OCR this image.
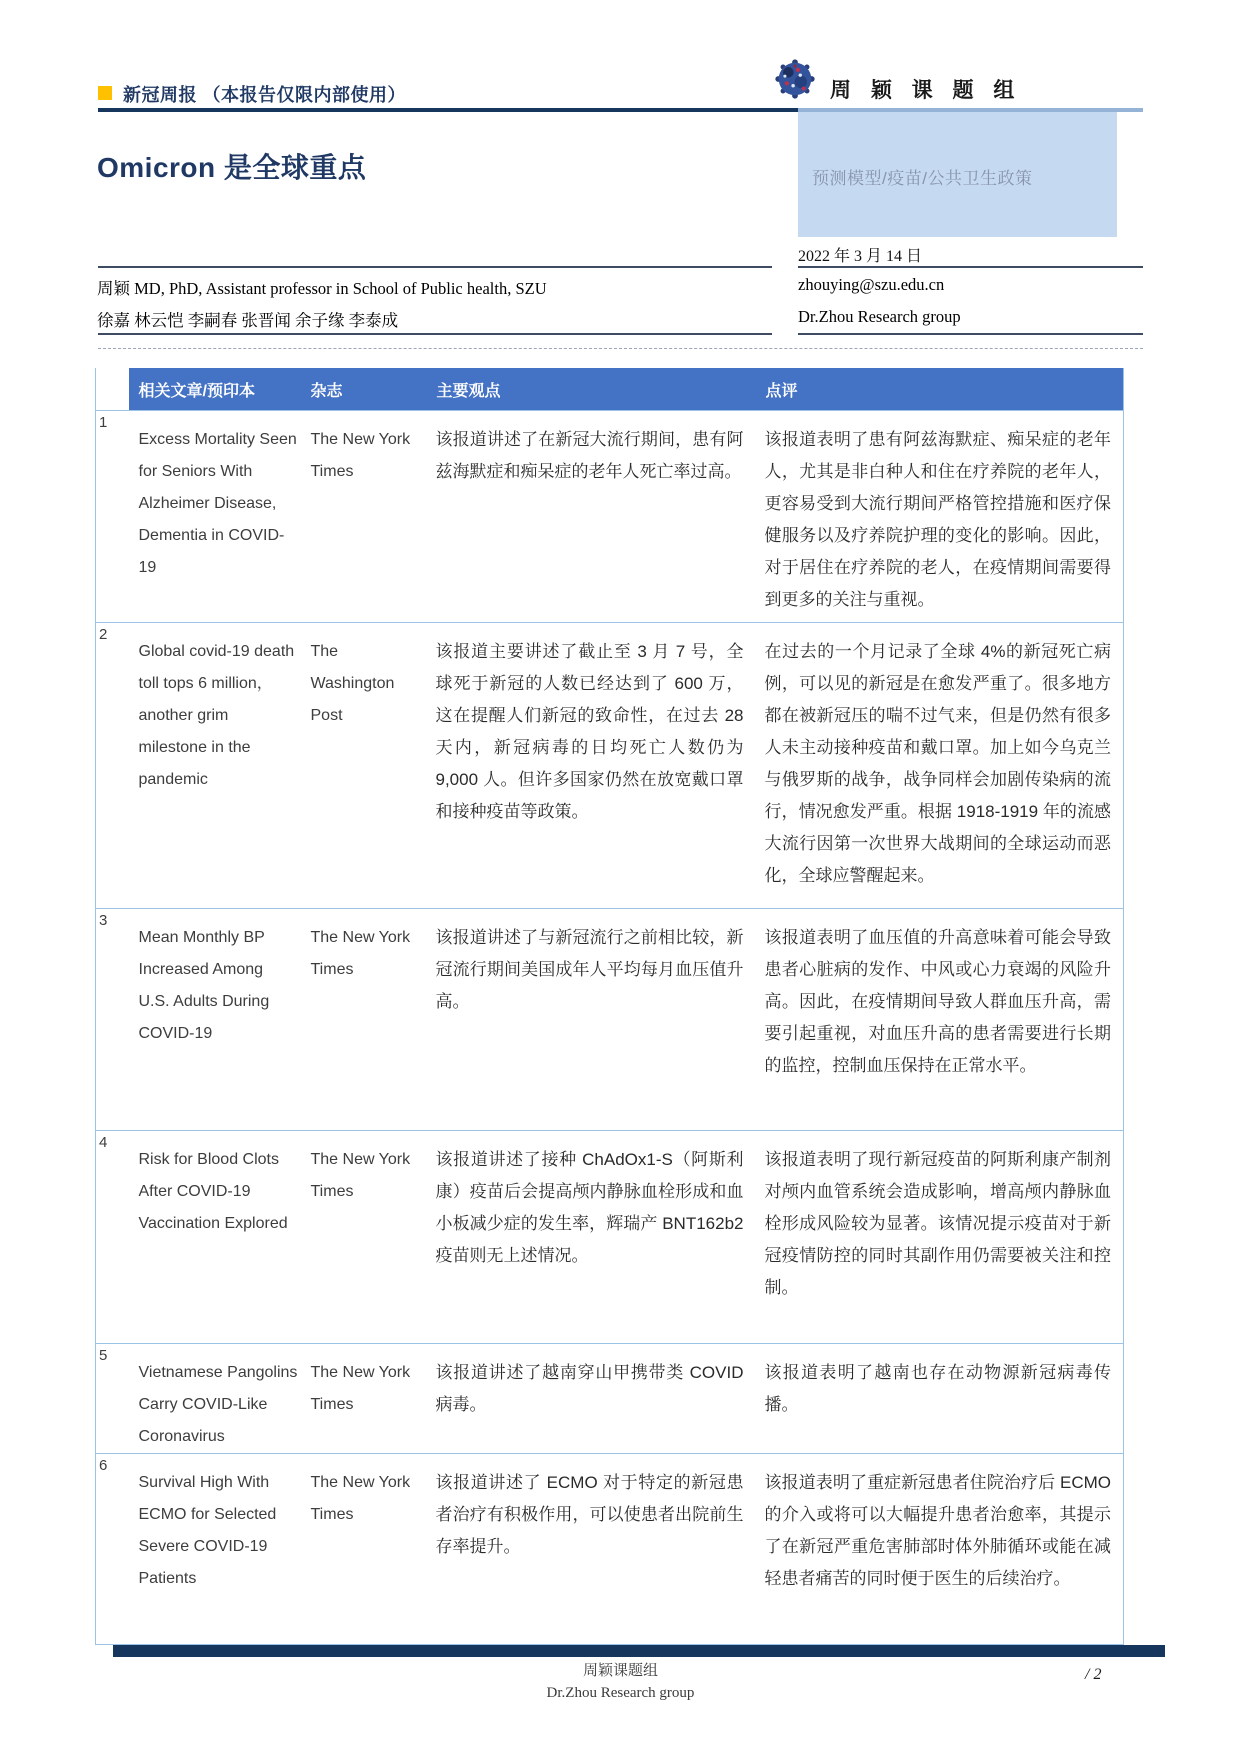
新冠周报 （本报告仅限内部使用）	周 颖 课 题 组
预测模型/疫苗/公共卫生政策
Omicron 是全球重点
2022 年 3 月 14 日
周颖 MD, PhD, Assistant professor in School of Public health, SZU
徐嘉 林云恺 李嗣春 张晋闻 余子缘 李泰成
zhouying@szu.edu.cn
Dr.Zhou Research group
	相关文章/预印本	杂志	主要观点	点评
1	Excess Mortality Seen for Seniors With Alzheimer Disease, Dementia in COVID-19	The New York Times	该报道讲述了在新冠大流行期间，患有阿兹海默症和痴呆症的老年人死亡率过高。	该报道表明了患有阿兹海默症、痴呆症的老年人，尤其是非白种人和住在疗养院的老年人，更容易受到大流行期间严格管控措施和医疗保健服务以及疗养院护理的变化的影响。因此，对于居住在疗养院的老人，在疫情期间需要得到更多的关注与重视。
2	Global covid-19 death toll tops 6 million，another grim milestone in the pandemic	The Washington Post	该报道主要讲述了截止至 3 月 7 号，全球死于新冠的人数已经达到了 600 万，这在提醒人们新冠的致命性，在过去 28 天内，新冠病毒的日均死亡人数仍为 9,000 人。但许多国家仍然在放宽戴口罩和接种疫苗等政策。	在过去的一个月记录了全球 4%的新冠死亡病例，可以见的新冠是在愈发严重了。很多地方都在被新冠压的喘不过气来，但是仍然有很多人未主动接种疫苗和戴口罩。加上如今乌克兰与俄罗斯的战争，战争同样会加剧传染病的流行，情况愈发严重。根据 1918-1919 年的流感大流行因第一次世界大战期间的全球运动而恶化，全球应警醒起来。
3	Mean Monthly BP Increased Among U.S. Adults During COVID-19	The New York Times	该报道讲述了与新冠流行之前相比较，新冠流行期间美国成年人平均每月血压值升高。	该报道表明了血压值的升高意味着可能会导致患者心脏病的发作、中风或心力衰竭的风险升高。因此，在疫情期间导致人群血压升高，需要引起重视，对血压升高的患者需要进行长期的监控，控制血压保持在正常水平。
4	Risk for Blood Clots After COVID-19 Vaccination Explored	The New York Times	该报道讲述了接种 ChAdOx1-S（阿斯利康）疫苗后会提高颅内静脉血栓形成和血小板减少症的发生率，辉瑞产 BNT162b2 疫苗则无上述情况。	该报道表明了现行新冠疫苗的阿斯利康产制剂对颅内血管系统会造成影响，增高颅内静脉血栓形成风险较为显著。该情况提示疫苗对于新冠疫情防控的同时其副作用仍需要被关注和控制。
5	Vietnamese Pangolins Carry COVID-Like Coronavirus	The New York Times	该报道讲述了越南穿山甲携带类 COVID 病毒。	该报道表明了越南也存在动物源新冠病毒传播。
6	Survival High With ECMO for Selected Severe COVID-19 Patients	The New York Times	该报道讲述了 ECMO 对于特定的新冠患者治疗有积极作用，可以使患者出院前生存率提升。	该报道表明了重症新冠患者住院治疗后 ECMO 的介入或将可以大幅提升患者治愈率，其提示了在新冠严重危害肺部时体外肺循环或能在减轻患者痛苦的同时便于医生的后续治疗。
周颖课题组
Dr.Zhou Research group
/ 2
